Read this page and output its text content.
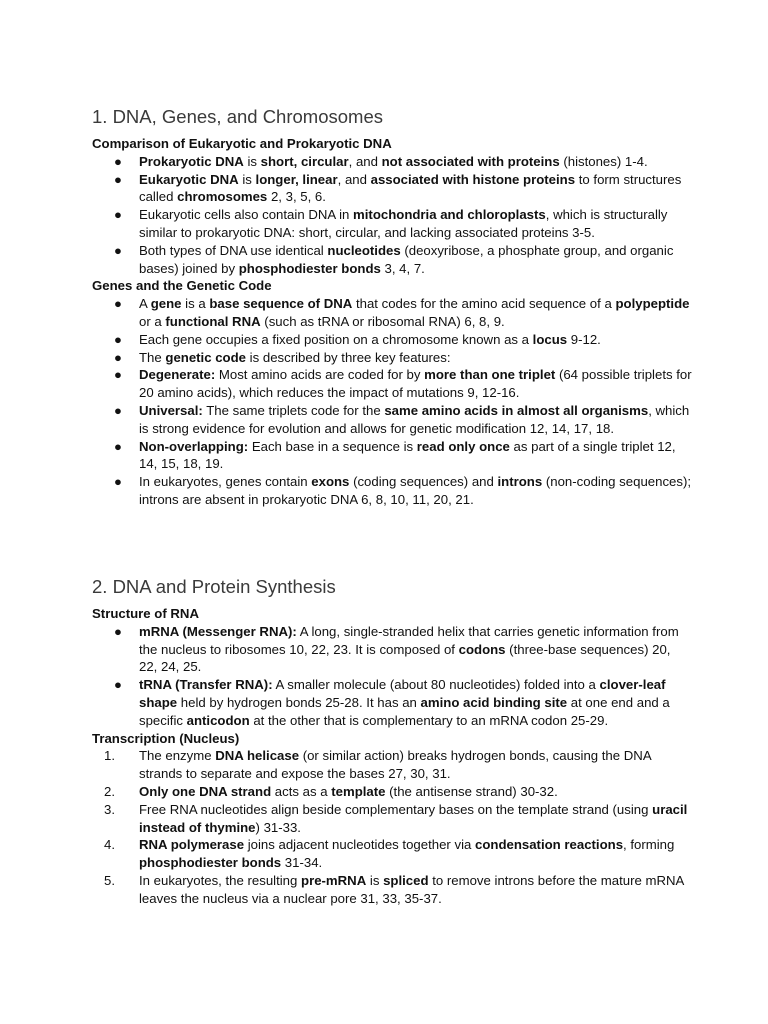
1. DNA, Genes, and Chromosomes

Comparison of Eukaryotic and Prokaryotic DNA

●	Prokaryotic DNA is short, circular, and not associated with proteins (histones) 1-4.
●	Eukaryotic DNA is longer, linear, and associated with histone proteins to form structures called chromosomes 2, 3, 5, 6.
●	Eukaryotic cells also contain DNA in mitochondria and chloroplasts, which is structurally similar to prokaryotic DNA: short, circular, and lacking associated proteins 3-5.
●	Both types of DNA use identical nucleotides (deoxyribose, a phosphate group, and organic bases) joined by phosphodiester bonds 3, 4, 7.

Genes and the Genetic Code

●	A gene is a base sequence of DNA that codes for the amino acid sequence of a polypeptide or a functional RNA (such as tRNA or ribosomal RNA) 6, 8, 9.
●	Each gene occupies a fixed position on a chromosome known as a locus 9-12.
●	The genetic code is described by three key features:
●	Degenerate: Most amino acids are coded for by more than one triplet (64 possible triplets for 20 amino acids), which reduces the impact of mutations 9, 12-16.
●	Universal: The same triplets code for the same amino acids in almost all organisms, which is strong evidence for evolution and allows for genetic modification 12, 14, 17, 18.
●	Non-overlapping: Each base in a sequence is read only once as part of a single triplet 12, 14, 15, 18, 19.
●	In eukaryotes, genes contain exons (coding sequences) and introns (non-coding sequences); introns are absent in prokaryotic DNA 6, 8, 10, 11, 20, 21.
2. DNA and Protein Synthesis

Structure of RNA

●	mRNA (Messenger RNA): A long, single-stranded helix that carries genetic information from the nucleus to ribosomes 10, 22, 23. It is composed of codons (three-base sequences) 20, 22, 24, 25.
●	tRNA (Transfer RNA): A smaller molecule (about 80 nucleotides) folded into a clover-leaf shape held by hydrogen bonds 25-28. It has an amino acid binding site at one end and a specific anticodon at the other that is complementary to an mRNA codon 25-29.

Transcription (Nucleus)

1.	The enzyme DNA helicase (or similar action) breaks hydrogen bonds, causing the DNA strands to separate and expose the bases 27, 30, 31.
2.	Only one DNA strand acts as a template (the antisense strand) 30-32.
3.	Free RNA nucleotides align beside complementary bases on the template strand (using uracil instead of thymine) 31-33.
4.	RNA polymerase joins adjacent nucleotides together via condensation reactions, forming phosphodiester bonds 31-34.
5.	In eukaryotes, the resulting pre-mRNA is spliced to remove introns before the mature mRNA leaves the nucleus via a nuclear pore 31, 33, 35-37.
